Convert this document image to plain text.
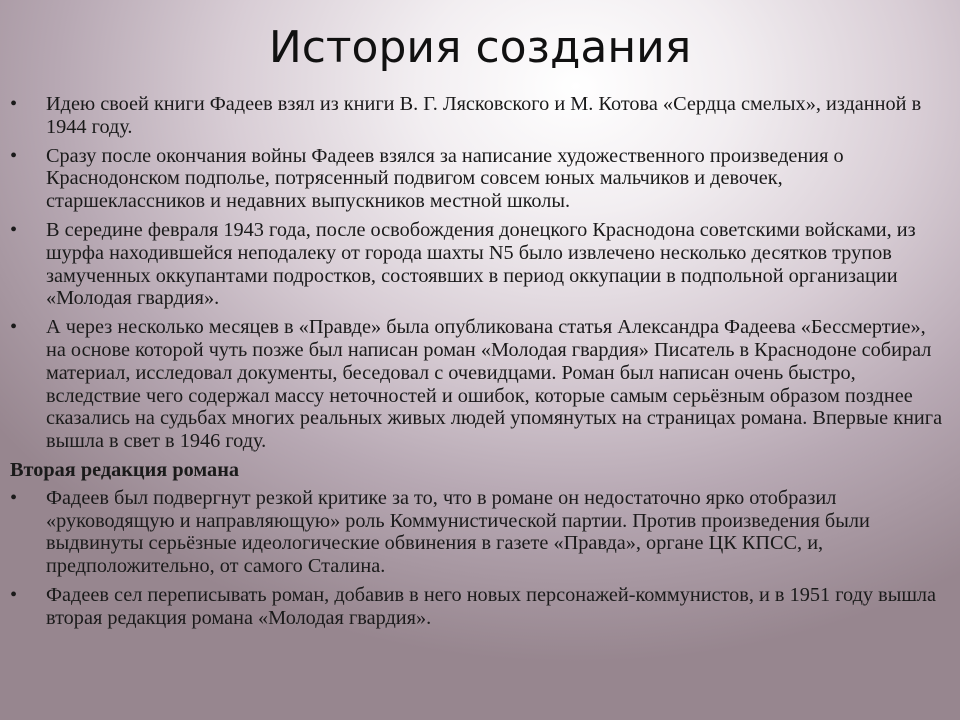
История создания
•	Идею своей книги Фадеев взял из книги В. Г. Лясковского и М. Котова «Сердца смелых», изданной в 1944 году.
•	Сразу после окончания войны Фадеев взялся за написание художественного произведения о Краснодонском подполье, потрясенный подвигом совсем юных мальчиков и девочек, старшеклассников и недавних выпускников местной школы.
•	В середине февраля 1943 года, после освобождения донецкого Краснодона советскими войсками, из шурфа находившейся неподалеку от города шахты N5 было извлечено несколько десятков трупов замученных оккупантами подростков, состоявших в период оккупации в подпольной организации «Молодая гвардия».
•	А через несколько месяцев в «Правде» была опубликована статья Александра Фадеева «Бессмертие», на основе которой чуть позже был написан роман «Молодая гвардия» Писатель в Краснодоне собирал материал, исследовал документы, беседовал с очевидцами. Роман был написан очень быстро, вследствие чего содержал массу неточностей и ошибок, которые самым серьёзным образом позднее сказались на судьбах многих реальных живых людей упомянутых на страницах романа. Впервые книга вышла в свет в 1946 году.
Вторая редакция романа
•	Фадеев был подвергнут резкой критике за то, что в романе он недостаточно ярко отобразил «руководящую и направляющую» роль Коммунистической партии. Против произведения были выдвинуты серьёзные идеологические обвинения в газете «Правда», органе ЦК КПСС, и, предположительно, от самого Сталина.
•	Фадеев сел переписывать роман, добавив в него новых персонажей-коммунистов, и в 1951 году вышла вторая редакция романа «Молодая гвардия».
